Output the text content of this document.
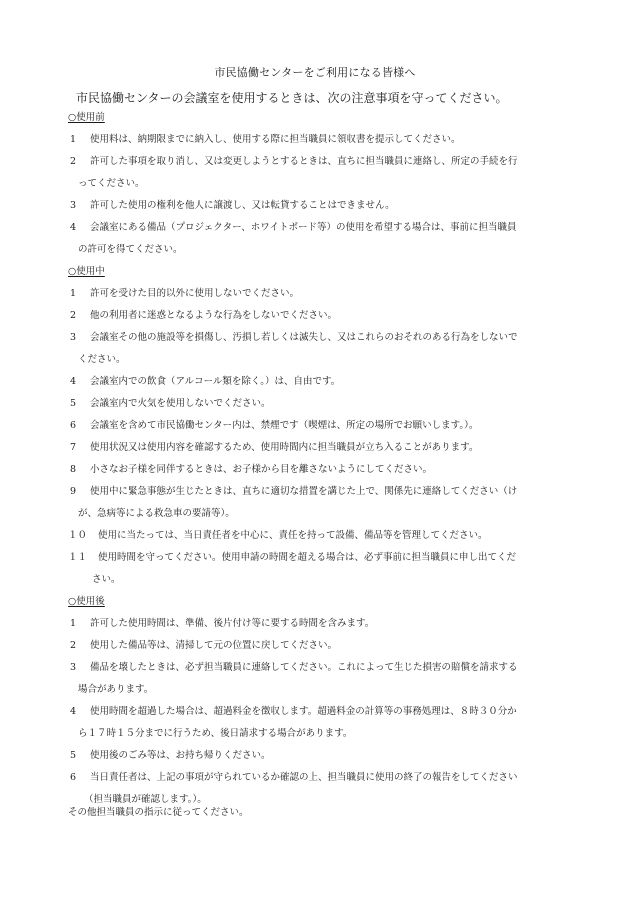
市民協働センターをご利用になる皆様へ
市民協働センターの会議室を使用するときは、次の注意事項を守ってください。
○使用前
1 使用料は、納期限までに納入し、使用する際に担当職員に領収書を提示してください。
2 許可した事項を取り消し、又は変更しようとするときは、直ちに担当職員に連絡し、所定の手続を行
ってください。
3 許可した使用の権利を他人に譲渡し、又は転貸することはできません。
4 会議室にある備品（プロジェクター、ホワイトボード等）の使用を希望する場合は、事前に担当職員
の許可を得てください。
○使用中
1 許可を受けた目的以外に使用しないでください。
2 他の利用者に迷惑となるような行為をしないでください。
3 会議室その他の施設等を損傷し、汚損し若しくは滅失し、又はこれらのおそれのある行為をしないで
ください。
4 会議室内での飲食（アルコール類を除く。）は、自由です。
5 会議室内で火気を使用しないでください。
6 会議室を含めて市民協働センター内は、禁煙です（喫煙は、所定の場所でお願いします。）。
7 使用状況又は使用内容を確認するため、使用時間内に担当職員が立ち入ることがあります。
8 小さなお子様を同伴するときは、お子様から目を離さないようにしてください。
9 使用中に緊急事態が生じたときは、直ちに適切な措置を講じた上で、関係先に連絡してください（け
が、急病等による救急車の要請等）。
１０ 使用に当たっては、当日責任者を中心に、責任を持って設備、備品等を管理してください。
１１ 使用時間を守ってください。使用申請の時間を超える場合は、必ず事前に担当職員に申し出てくだ
さい。
○使用後
1 許可した使用時間は、準備、後片付け等に要する時間を含みます。
2 使用した備品等は、清掃して元の位置に戻してください。
3 備品を壊したときは、必ず担当職員に連絡してください。これによって生じた損害の賠償を請求する
場合があります。
4 使用時間を超過した場合は、超過料金を徴収します。超過料金の計算等の事務処理は、８時３０分か
ら１７時１５分までに行うため、後日請求する場合があります。
5 使用後のごみ等は、お持ち帰りください。
6 当日責任者は、上記の事項が守られているか確認の上、担当職員に使用の終了の報告をしてください
（担当職員が確認します。）。
その他担当職員の指示に従ってください。
